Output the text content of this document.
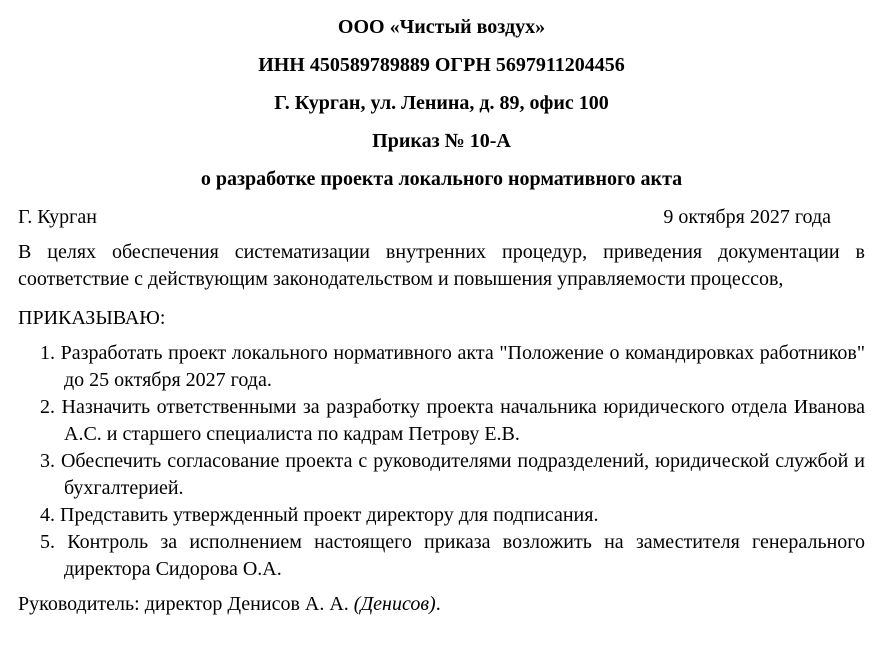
ООО «Чистый воздух»
ИНН 450589789889 ОГРН 5697911204456
Г. Курган, ул. Ленина, д. 89, офис 100
Приказ № 10-А
о разработке проекта локального нормативного акта
Г. Курган	9 октября 2027 года
В целях обеспечения систематизации внутренних процедур, приведения документации в соответствие с действующим законодательством и повышения управляемости процессов,
ПРИКАЗЫВАЮ:
1. Разработать проект локального нормативного акта "Положение о командировках работников" до 25 октября 2027 года.
2. Назначить ответственными за разработку проекта начальника юридического отдела Иванова А.С. и старшего специалиста по кадрам Петрову Е.В.
3. Обеспечить согласование проекта с руководителями подразделений, юридической службой и бухгалтерией.
4. Представить утвержденный проект директору для подписания.
5. Контроль за исполнением настоящего приказа возложить на заместителя генерального директора Сидорова О.А.
Руководитель: директор Денисов А. А. (Денисов).
